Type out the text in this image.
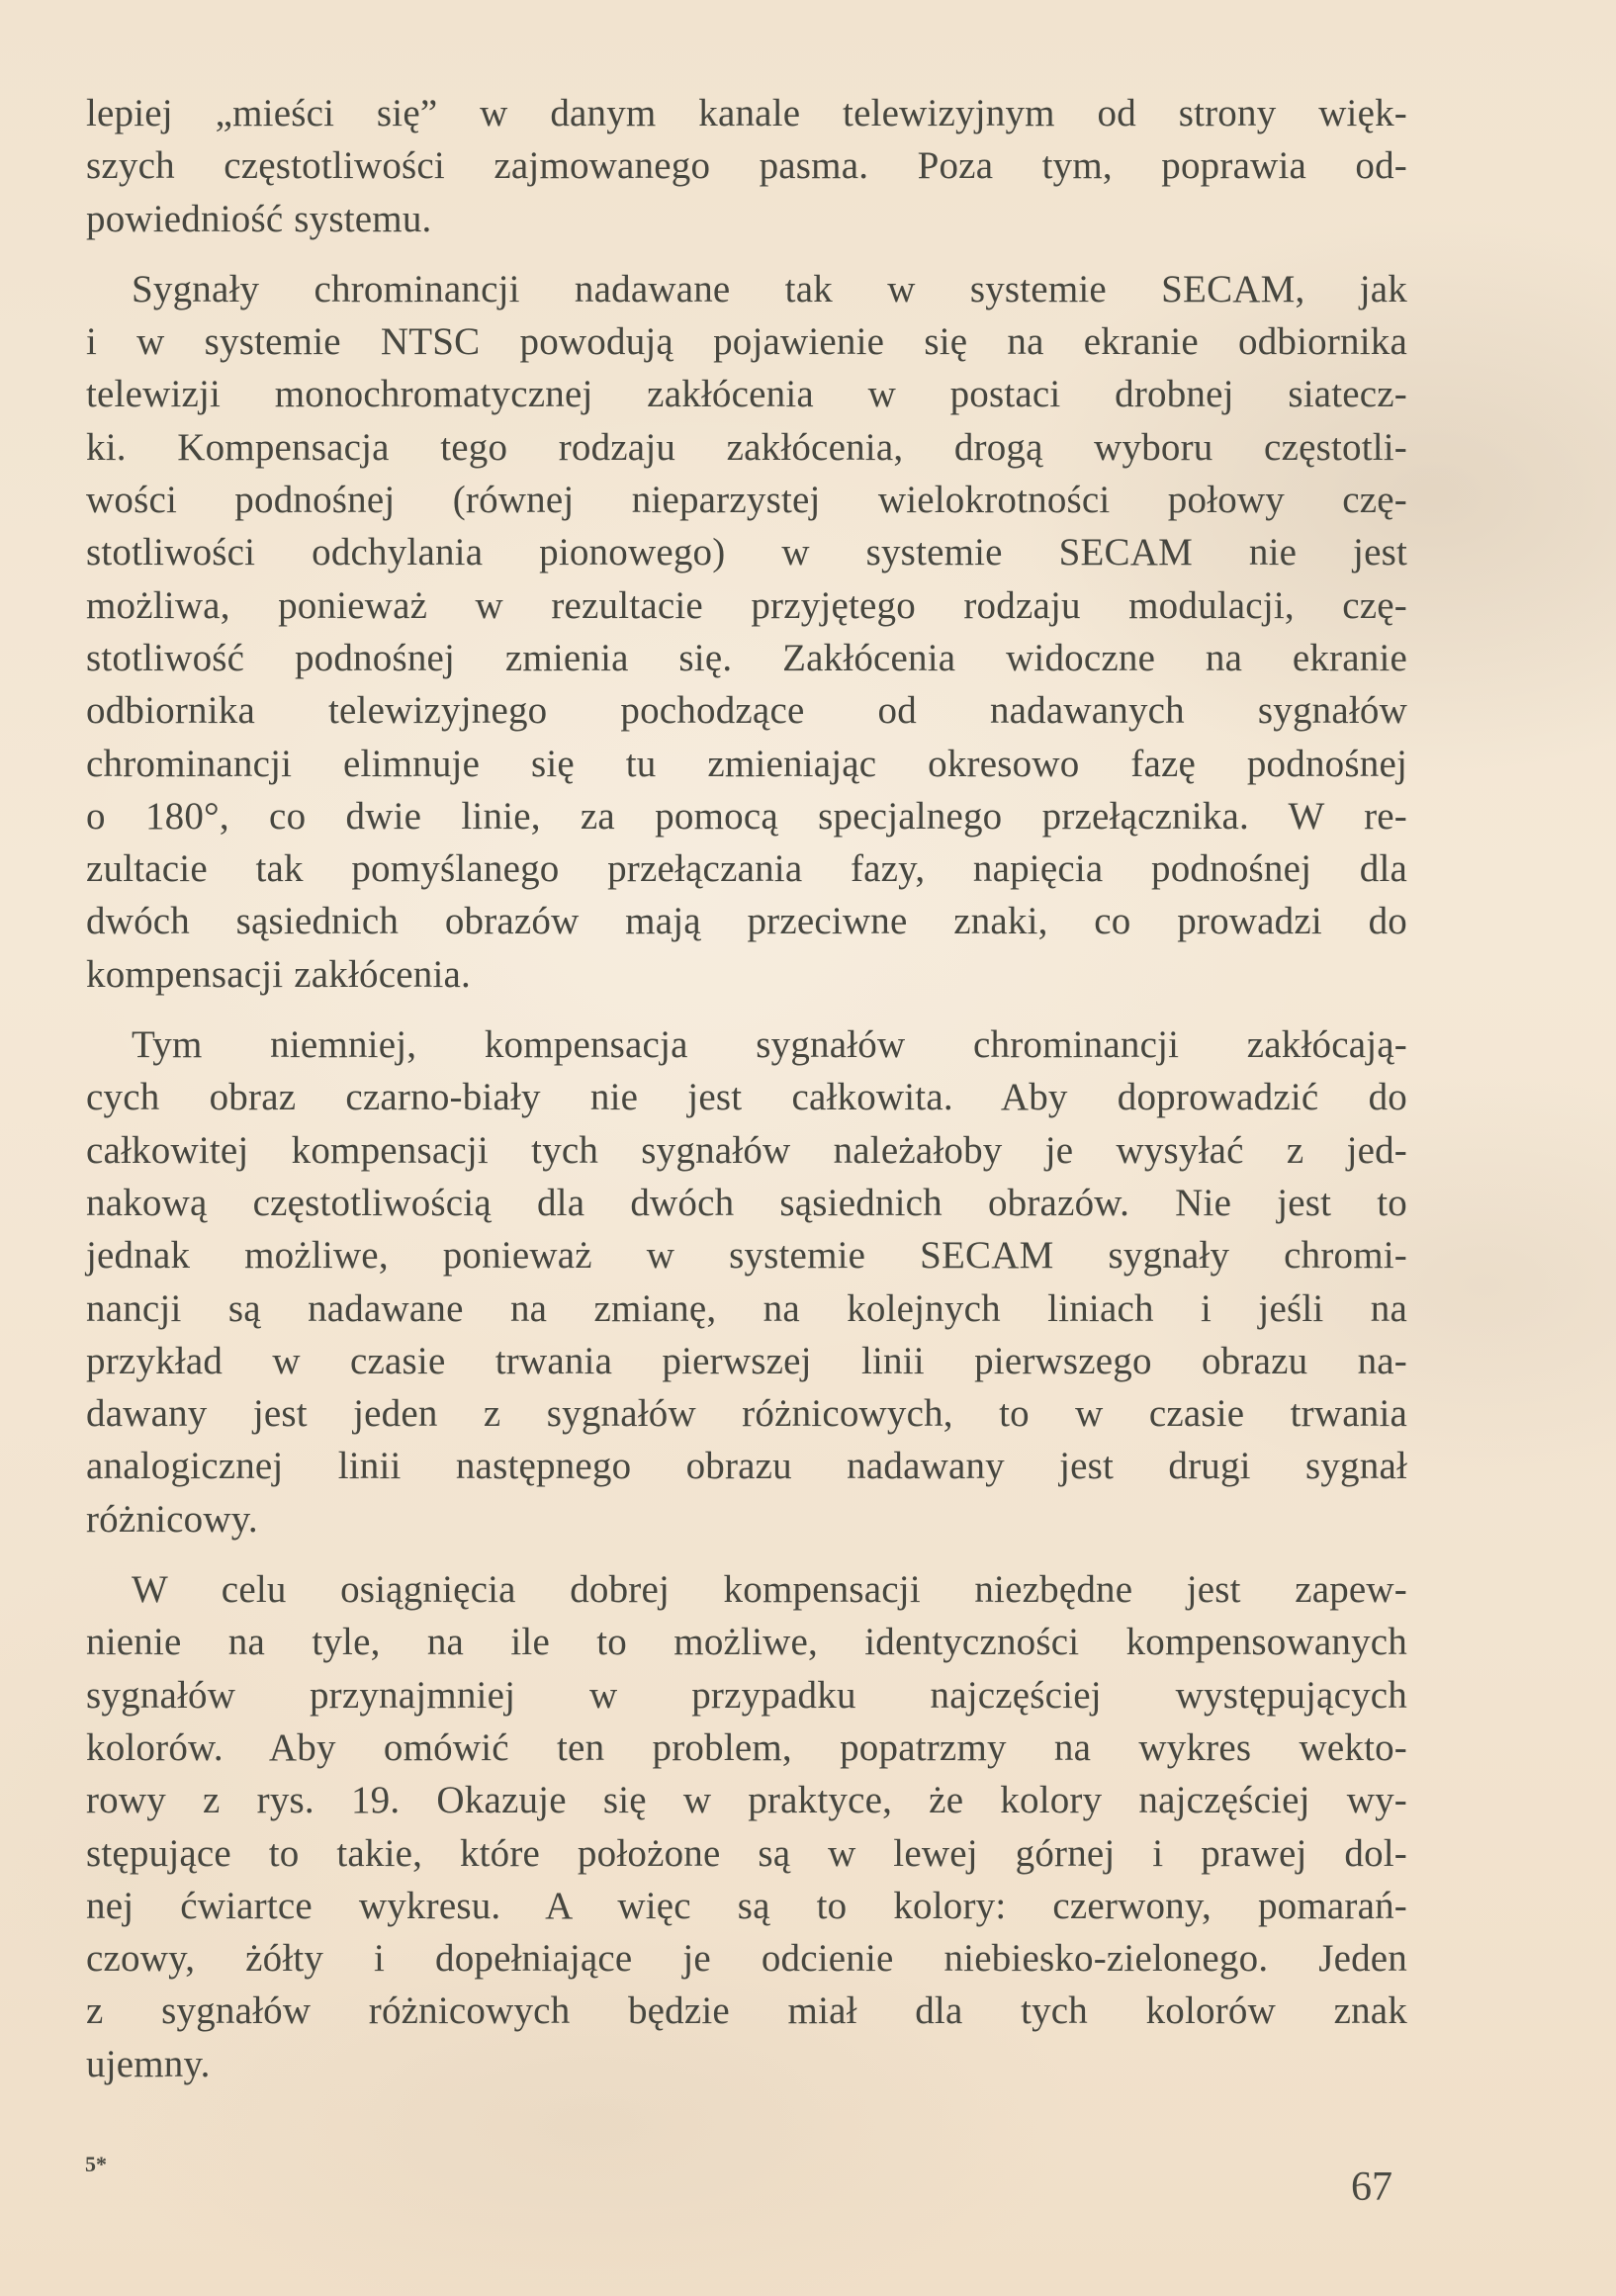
lepiej „mieści się” w danym kanale telewizyjnym od strony więk-
szych częstotliwości zajmowanego pasma. Poza tym, poprawia od-
powiedniość systemu.
Sygnały chrominancji nadawane tak w systemie SECAM, jak
i w systemie NTSC powodują pojawienie się na ekranie odbiornika
telewizji monochromatycznej zakłócenia w postaci drobnej siatecz-
ki. Kompensacja tego rodzaju zakłócenia, drogą wyboru częstotli-
wości podnośnej (równej nieparzystej wielokrotności połowy czę-
stotliwości odchylania pionowego) w systemie SECAM nie jest
możliwa, ponieważ w rezultacie przyjętego rodzaju modulacji, czę-
stotliwość podnośnej zmienia się. Zakłócenia widoczne na ekranie
odbiornika telewizyjnego pochodzące od nadawanych sygnałów
chrominancji elimnuje się tu zmieniając okresowo fazę podnośnej
o 180°, co dwie linie, za pomocą specjalnego przełącznika. W re-
zultacie tak pomyślanego przełączania fazy, napięcia podnośnej dla
dwóch sąsiednich obrazów mają przeciwne znaki, co prowadzi do
kompensacji zakłócenia.
Tym niemniej, kompensacja sygnałów chrominancji zakłócają-
cych obraz czarno-biały nie jest całkowita. Aby doprowadzić do
całkowitej kompensacji tych sygnałów należałoby je wysyłać z jed-
nakową częstotliwością dla dwóch sąsiednich obrazów. Nie jest to
jednak możliwe, ponieważ w systemie SECAM sygnały chromi-
nancji są nadawane na zmianę, na kolejnych liniach i jeśli na
przykład w czasie trwania pierwszej linii pierwszego obrazu na-
dawany jest jeden z sygnałów różnicowych, to w czasie trwania
analogicznej linii następnego obrazu nadawany jest drugi sygnał
różnicowy.
W celu osiągnięcia dobrej kompensacji niezbędne jest zapew-
nienie na tyle, na ile to możliwe, identyczności kompensowanych
sygnałów przynajmniej w przypadku najczęściej występujących
kolorów. Aby omówić ten problem, popatrzmy na wykres wekto-
rowy z rys. 19. Okazuje się w praktyce, że kolory najczęściej wy-
stępujące to takie, które położone są w lewej górnej i prawej dol-
nej ćwiartce wykresu. A więc są to kolory: czerwony, pomarań-
czowy, żółty i dopełniające je odcienie niebiesko-zielonego. Jeden
z sygnałów różnicowych będzie miał dla tych kolorów znak
ujemny.
5*
67
